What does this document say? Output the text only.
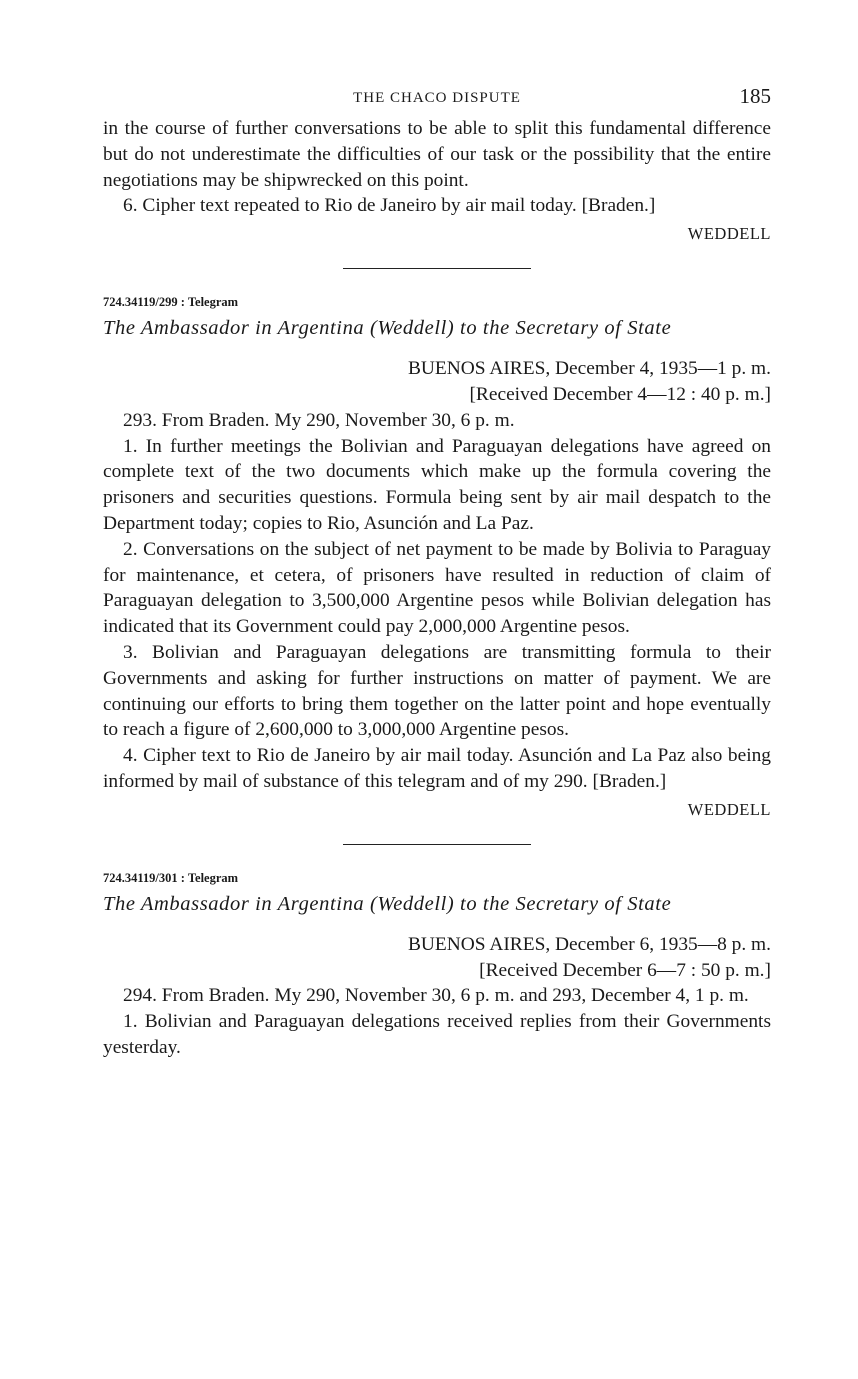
THE CHACO DISPUTE	185

in the course of further conversations to be able to split this fundamental difference but do not underestimate the difficulties of our task or the possibility that the entire negotiations may be shipwrecked on this point.

6. Cipher text repeated to Rio de Janeiro by air mail today. [Braden.]

WEDDELL
724.34119/299 : Telegram
The Ambassador in Argentina (Weddell) to the Secretary of State
BUENOS AIRES, December 4, 1935—1 p. m.
[Received December 4—12 : 40 p. m.]

293. From Braden. My 290, November 30, 6 p. m.

1. In further meetings the Bolivian and Paraguayan delegations have agreed on complete text of the two documents which make up the formula covering the prisoners and securities questions. Formula being sent by air mail despatch to the Department today; copies to Rio, Asunción and La Paz.

2. Conversations on the subject of net payment to be made by Bolivia to Paraguay for maintenance, et cetera, of prisoners have resulted in reduction of claim of Paraguayan delegation to 3,500,000 Argentine pesos while Bolivian delegation has indicated that its Government could pay 2,000,000 Argentine pesos.

3. Bolivian and Paraguayan delegations are transmitting formula to their Governments and asking for further instructions on matter of payment. We are continuing our efforts to bring them together on the latter point and hope eventually to reach a figure of 2,600,000 to 3,000,000 Argentine pesos.

4. Cipher text to Rio de Janeiro by air mail today. Asunción and La Paz also being informed by mail of substance of this telegram and of my 290. [Braden.]

WEDDELL
724.34119/301 : Telegram
The Ambassador in Argentina (Weddell) to the Secretary of State
BUENOS AIRES, December 6, 1935—8 p. m.
[Received December 6—7 : 50 p. m.]

294. From Braden. My 290, November 30, 6 p. m. and 293, December 4, 1 p. m.

1. Bolivian and Paraguayan delegations received replies from their Governments yesterday.
